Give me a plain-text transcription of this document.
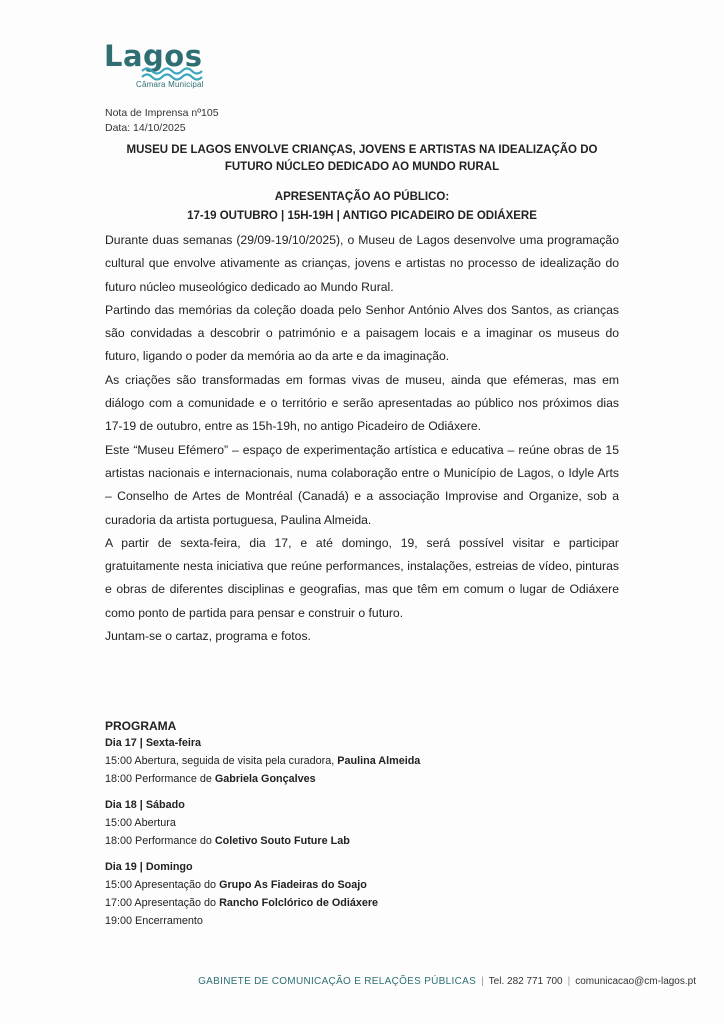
Lagos
Câmara Municipal
Nota de Imprensa nº105
Data: 14/10/2025
MUSEU DE LAGOS ENVOLVE CRIANÇAS, JOVENS E ARTISTAS NA IDEALIZAÇÃO DO
FUTURO NÚCLEO DEDICADO AO MUNDO RURAL
APRESENTAÇÃO AO PÚBLICO:
17-19 OUTUBRO | 15H-19H | ANTIGO PICADEIRO DE ODIÁXERE

Durante duas semanas (29/09-19/10/2025), o Museu de Lagos desenvolve uma programação cultural que envolve ativamente as crianças, jovens e artistas no processo de idealização do futuro núcleo museológico dedicado ao Mundo Rural.

Partindo das memórias da coleção doada pelo Senhor António Alves dos Santos, as crianças são convidadas a descobrir o património e a paisagem locais e a imaginar os museus do futuro, ligando o poder da memória ao da arte e da imaginação.

As criações são transformadas em formas vivas de museu, ainda que efémeras, mas em diálogo com a comunidade e o território e serão apresentadas ao público nos próximos dias 17-19 de outubro, entre as 15h-19h, no antigo Picadeiro de Odiáxere.

Este “Museu Efémero” – espaço de experimentação artística e educativa – reúne obras de 15 artistas nacionais e internacionais, numa colaboração entre o Município de Lagos, o Idyle Arts – Conselho de Artes de Montréal (Canadá) e a associação Improvise and Organize, sob a curadoria da artista portuguesa, Paulina Almeida.

A partir de sexta-feira, dia 17, e até domingo, 19, será possível visitar e participar gratuitamente nesta iniciativa que reúne performances, instalações, estreias de vídeo, pinturas e obras de diferentes disciplinas e geografias, mas que têm em comum o lugar de Odiáxere como ponto de partida para pensar e construir o futuro.

Juntam-se o cartaz, programa e fotos.

PROGRAMA
Dia 17 | Sexta-feira
15:00 Abertura, seguida de visita pela curadora, Paulina Almeida
18:00 Performance de Gabriela Gonçalves
Dia 18 | Sábado
15:00 Abertura
18:00 Performance do Coletivo Souto Future Lab
Dia 19 | Domingo
15:00 Apresentação do Grupo As Fiadeiras do Soajo
17:00 Apresentação do Rancho Folclórico de Odiáxere
19:00 Encerramento
GABINETE DE COMUNICAÇÃO E RELAÇÕES PÚBLICAS | Tel. 282 771 700 | comunicacao@cm-lagos.pt
